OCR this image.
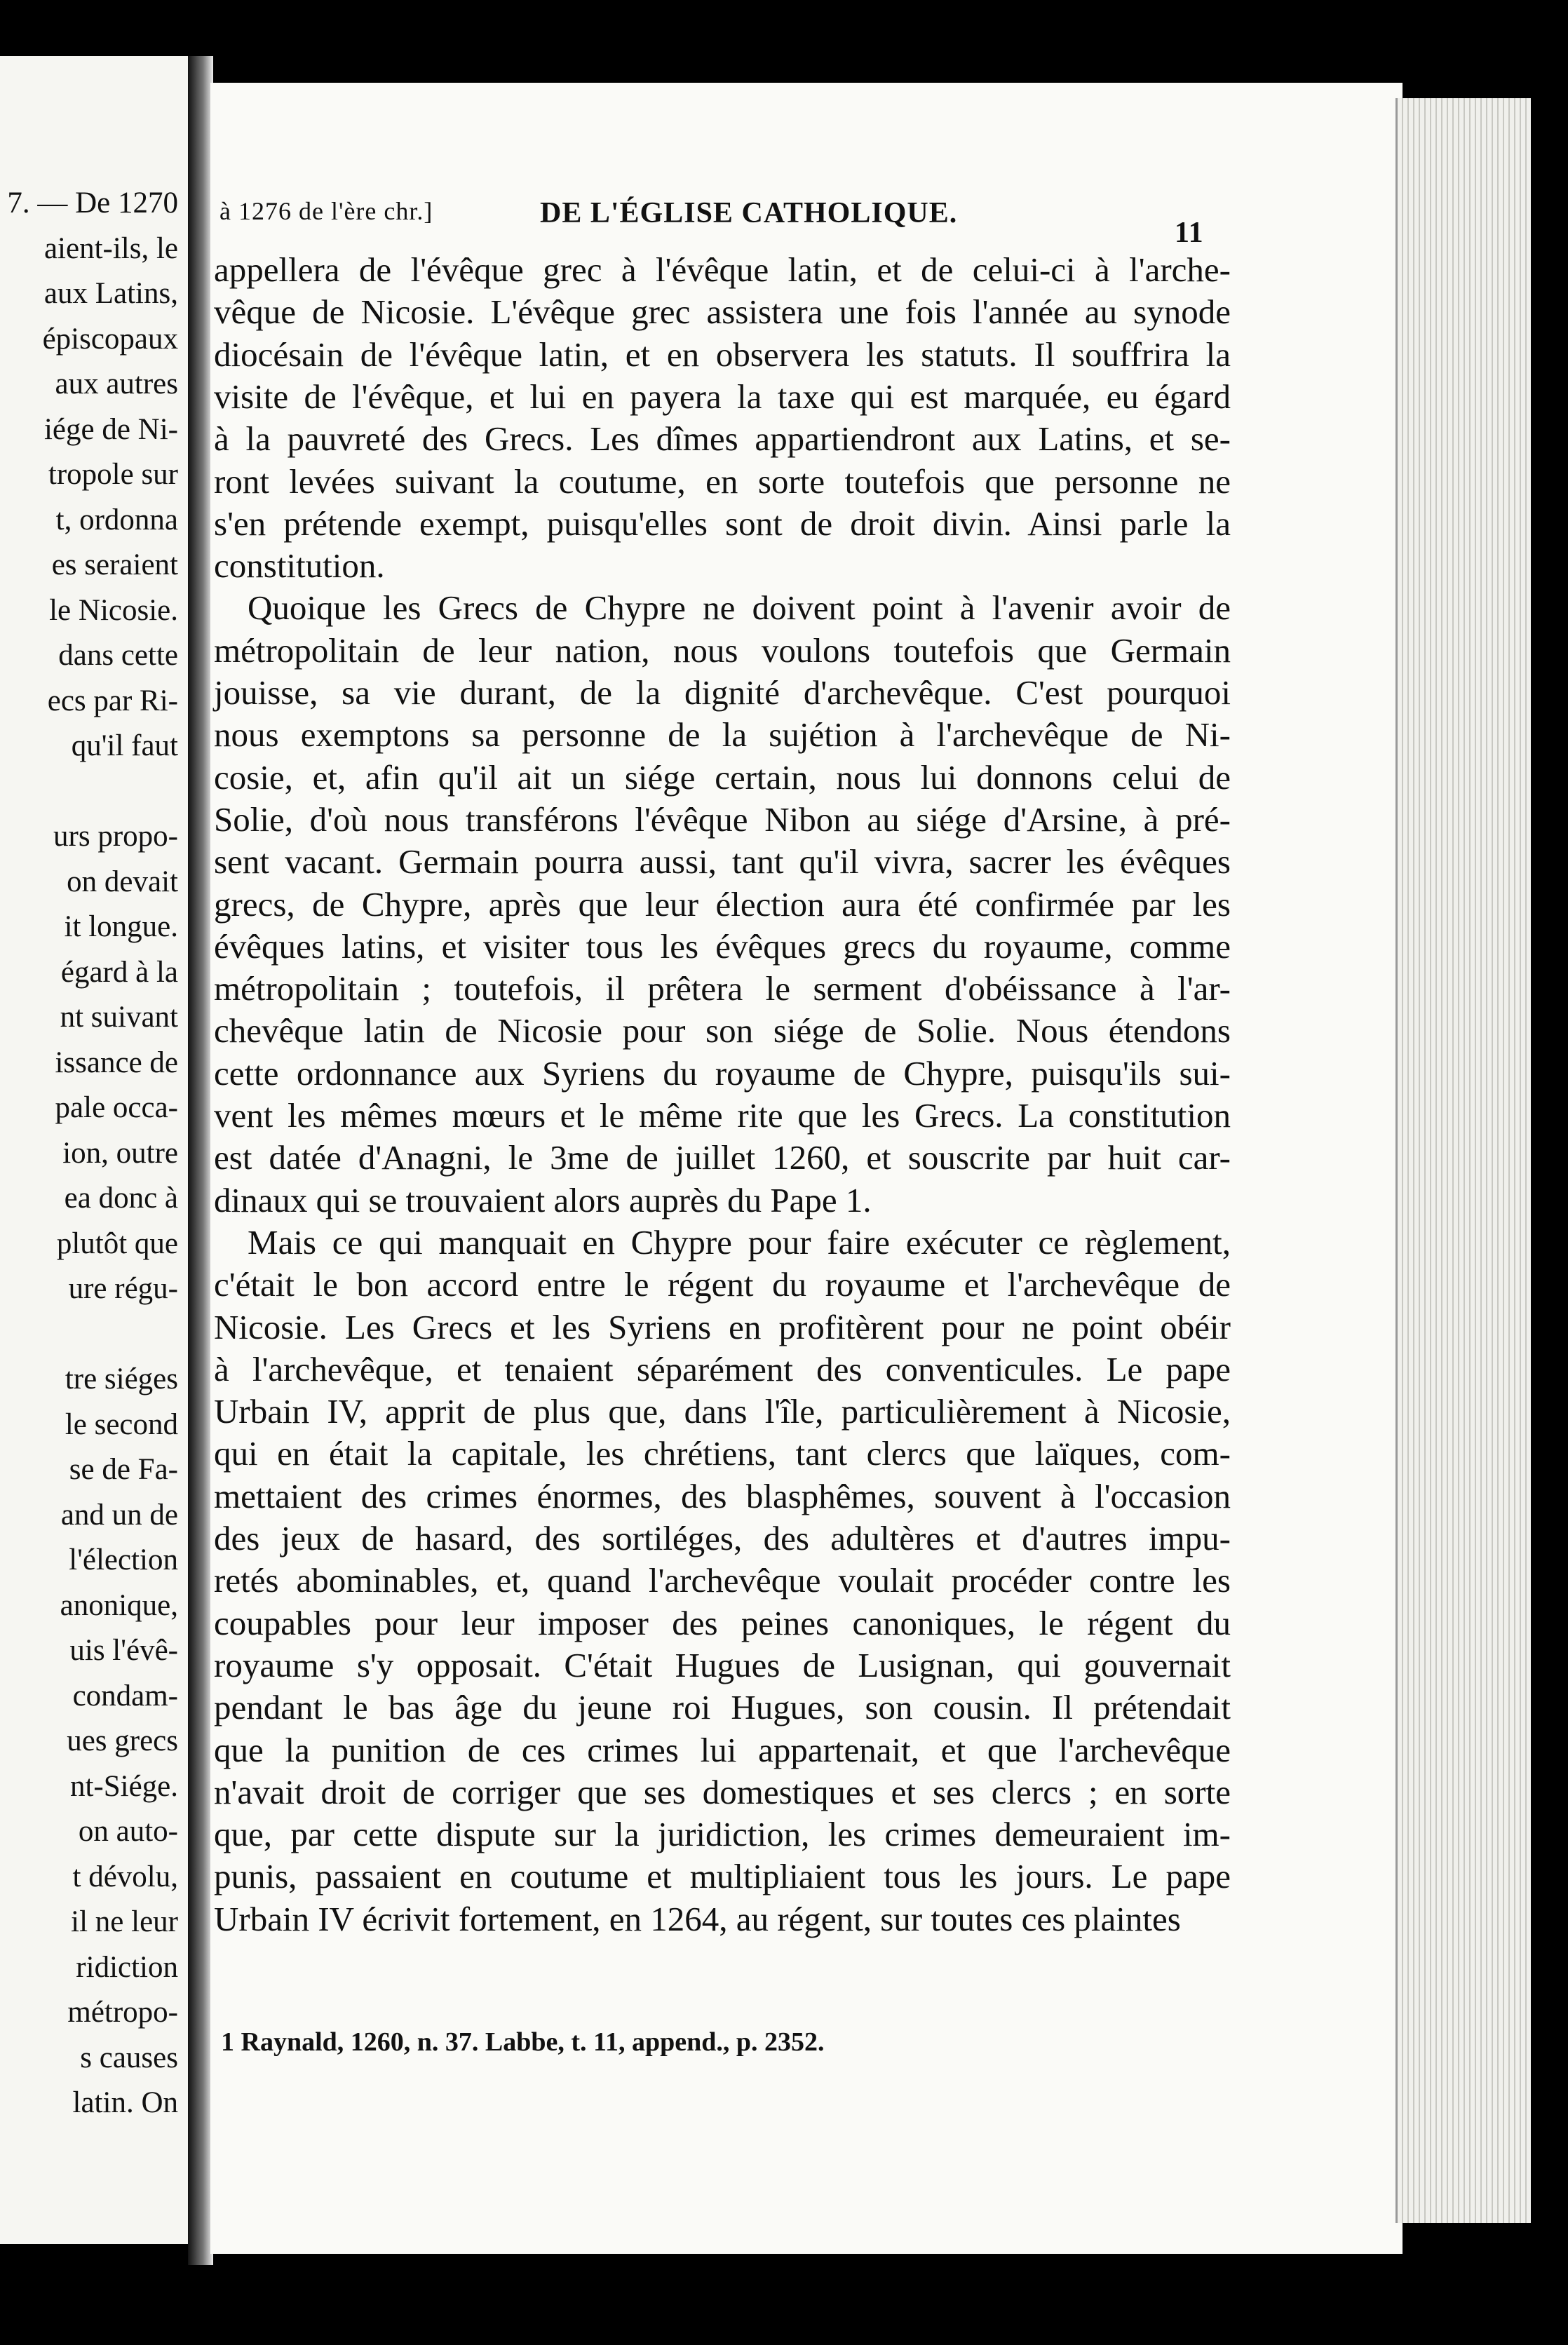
7. — De 1270
aient-ils, le
aux Latins,
épiscopaux
aux autres
iége de Ni-
tropole sur
t, ordonna
es seraient
le Nicosie.
dans cette
ecs par Ri-
qu'il faut
urs propo-
on devait
it longue.
égard à la
nt suivant
issance de
pale occa-
ion, outre
ea donc à
plutôt que
ure régu-
tre siéges
le second
se de Fa-
and un de
l'élection
anonique,
uis l'évê-
condam-
ues grecs
nt-Siége.
on auto-
t dévolu,
il ne leur
ridiction
métropo-
s causes
latin. On
à 1276 de l'ère chr.]	DE L'ÉGLISE CATHOLIQUE.
11
appellera de l'évêque grec à l'évêque latin, et de celui-ci à l'arche-
vêque de Nicosie. L'évêque grec assistera une fois l'année au synode
diocésain de l'évêque latin, et en observera les statuts. Il souffrira la
visite de l'évêque, et lui en payera la taxe qui est marquée, eu égard
à la pauvreté des Grecs. Les dîmes appartiendront aux Latins, et se-
ront levées suivant la coutume, en sorte toutefois que personne ne
s'en prétende exempt, puisqu'elles sont de droit divin. Ainsi parle la
constitution.
Quoique les Grecs de Chypre ne doivent point à l'avenir avoir de
métropolitain de leur nation, nous voulons toutefois que Germain
jouisse, sa vie durant, de la dignité d'archevêque. C'est pourquoi
nous exemptons sa personne de la sujétion à l'archevêque de Ni-
cosie, et, afin qu'il ait un siége certain, nous lui donnons celui de
Solie, d'où nous transférons l'évêque Nibon au siége d'Arsine, à pré-
sent vacant. Germain pourra aussi, tant qu'il vivra, sacrer les évêques
grecs, de Chypre, après que leur élection aura été confirmée par les
évêques latins, et visiter tous les évêques grecs du royaume, comme
métropolitain ; toutefois, il prêtera le serment d'obéissance à l'ar-
chevêque latin de Nicosie pour son siége de Solie. Nous étendons
cette ordonnance aux Syriens du royaume de Chypre, puisqu'ils sui-
vent les mêmes mœurs et le même rite que les Grecs. La constitution
est datée d'Anagni, le 3me de juillet 1260, et souscrite par huit car-
dinaux qui se trouvaient alors auprès du Pape 1.
Mais ce qui manquait en Chypre pour faire exécuter ce règlement,
c'était le bon accord entre le régent du royaume et l'archevêque de
Nicosie. Les Grecs et les Syriens en profitèrent pour ne point obéir
à l'archevêque, et tenaient séparément des conventicules. Le pape
Urbain IV, apprit de plus que, dans l'île, particulièrement à Nicosie,
qui en était la capitale, les chrétiens, tant clercs que laïques, com-
mettaient des crimes énormes, des blasphêmes, souvent à l'occasion
des jeux de hasard, des sortiléges, des adultères et d'autres impu-
retés abominables, et, quand l'archevêque voulait procéder contre les
coupables pour leur imposer des peines canoniques, le régent du
royaume s'y opposait. C'était Hugues de Lusignan, qui gouvernait
pendant le bas âge du jeune roi Hugues, son cousin. Il prétendait
que la punition de ces crimes lui appartenait, et que l'archevêque
n'avait droit de corriger que ses domestiques et ses clercs ; en sorte
que, par cette dispute sur la juridiction, les crimes demeuraient im-
punis, passaient en coutume et multipliaient tous les jours. Le pape
Urbain IV écrivit fortement, en 1264, au régent, sur toutes ces plaintes
1 Raynald, 1260, n. 37. Labbe, t. 11, append., p. 2352.
